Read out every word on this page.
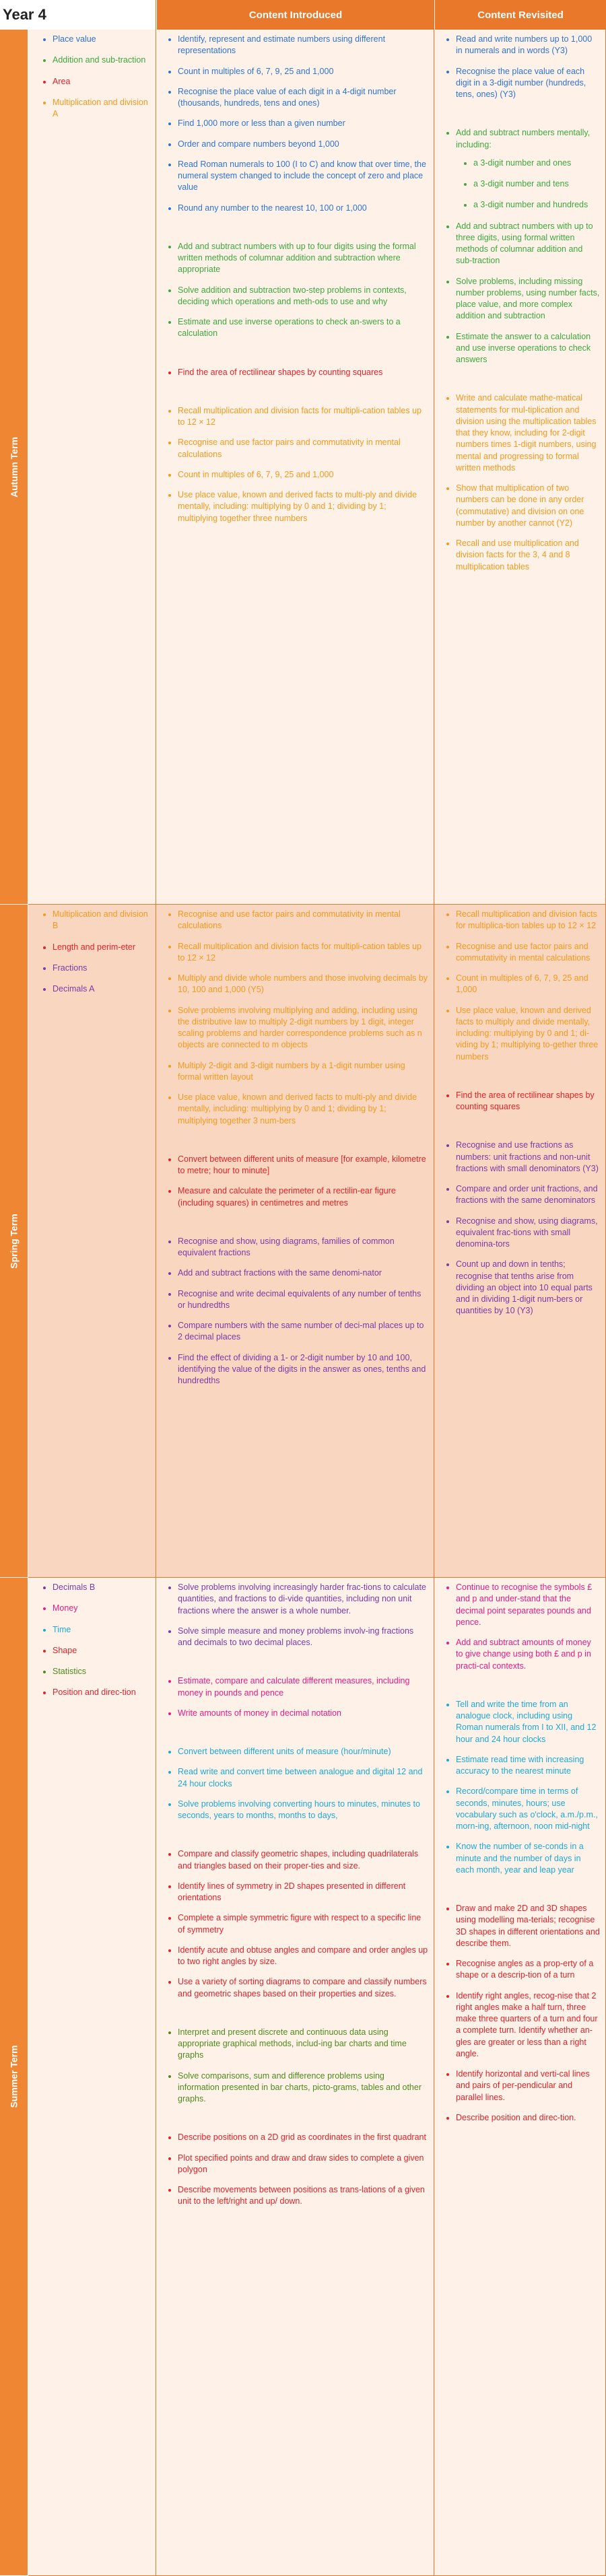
Year 4	Content Introduced	Content Revisited
Autumn Term
• Place value
• Addition and sub-traction
• Area
• Multiplication and division A
• Identify, represent and estimate numbers using different representations
• Count in multiples of 6, 7, 9, 25 and 1,000
• Recognise the place value of each digit in a 4-digit number (thousands, hundreds, tens and ones)
• Find 1,000 more or less than a given number
• Order and compare numbers beyond 1,000
• Read Roman numerals to 100 (I to C) and know that over time, the numeral system changed to include the concept of zero and place value
• Round any number to the nearest 10, 100 or 1,000
• Add and subtract numbers with up to four digits using the formal written methods of columnar addition and subtraction where appropriate
• Solve addition and subtraction two-step problems in contexts, deciding which operations and meth-ods to use and why
• Estimate and use inverse operations to check an-swers to a calculation
• Find the area of rectilinear shapes by counting squares
• Recall multiplication and division facts for multipli-cation tables up to 12 × 12
• Recognise and use factor pairs and commutativity in mental calculations
• Count in multiples of 6, 7, 9, 25 and 1,000
• Use place value, known and derived facts to multi-ply and divide mentally, including: multiplying by 0 and 1; dividing by 1; multiplying together three numbers
• Read and write numbers up to 1,000 in numerals and in words (Y3)
• Recognise the place value of each digit in a 3-digit number (hundreds, tens, ones) (Y3)
• Add and subtract numbers mentally, including:
• a 3-digit number and ones
• a 3-digit number and tens
• a 3-digit number and hundreds
• Add and subtract numbers with up to three digits, using formal written methods of columnar addition and sub-traction
• Solve problems, including missing number problems, using number facts, place value, and more complex addition and subtraction
• Estimate the answer to a calculation and use inverse operations to check answers
• Write and calculate mathe-matical statements for mul-tiplication and division using the multiplication tables that they know, including for 2-digit numbers times 1-digit numbers, using mental and progressing to formal written methods
• Show that multiplication of two numbers can be done in any order (commutative) and division on one number by another cannot (Y2)
• Recall and use multiplication and division facts for the 3, 4 and 8 multiplication tables
Spring Term
• Multiplication and division B
• Length and perim-eter
• Fractions
• Decimals A
• Recognise and use factor pairs and commutativity in mental calculations
• Recall multiplication and division facts for multipli-cation tables up to 12 × 12
• Multiply and divide whole numbers and those involving decimals by 10, 100 and 1,000 (Y5)
• Solve problems involving multiplying and adding, including using the distributive law to multiply 2-digit numbers by 1 digit, integer scaling problems and harder correspondence problems such as n objects are connected to m objects
• Multiply 2-digit and 3-digit numbers by a 1-digit number using formal written layout
• Use place value, known and derived facts to multi-ply and divide mentally, including: multiplying by 0 and 1; dividing by 1; multiplying together 3 num-bers
• Convert between different units of measure [for example, kilometre to metre; hour to minute]
• Measure and calculate the perimeter of a rectilin-ear figure (including squares) in centimetres and metres
• Recognise and show, using diagrams, families of common equivalent fractions
• Add and subtract fractions with the same denomi-nator
• Recognise and write decimal equivalents of any number of tenths or hundredths
• Compare numbers with the same number of deci-mal places up to 2 decimal places
• Find the effect of dividing a 1- or 2-digit number by 10 and 100, identifying the value of the digits in the answer as ones, tenths and hundredths
• Recall multiplication and division facts for multiplica-tion tables up to 12 × 12
• Recognise and use factor pairs and commutativity in mental calculations
• Count in multiples of 6, 7, 9, 25 and 1,000
• Use place value, known and derived facts to multiply and divide mentally, including: multiplying by 0 and 1; di-viding by 1; multiplying to-gether three numbers
• Find the area of rectilinear shapes by counting squares
• Recognise and use fractions as numbers: unit fractions and non-unit fractions with small denominators (Y3)
• Compare and order unit fractions, and fractions with the same denominators
• Recognise and show, using diagrams, equivalent frac-tions with small denomina-tors
• Count up and down in tenths; recognise that tenths arise from dividing an object into 10 equal parts and in dividing 1-digit num-bers or quantities by 10 (Y3)
Summer Term
• Decimals B
• Money
• Time
• Shape
• Statistics
• Position and direc-tion
• Solve problems involving increasingly harder frac-tions to calculate quantities, and fractions to di-vide quantities, including non unit fractions where the answer is a whole number.
• Solve simple measure and money problems involv-ing fractions and decimals to two decimal places.
• Estimate, compare and calculate different measures, including money in pounds and pence
• Write amounts of money in decimal notation
• Convert between different units of measure (hour/minute)
• Read write and convert time between analogue and digital 12 and 24 hour clocks
• Solve problems involving converting hours to minutes, minutes to seconds, years to months, months to days,
• Compare and classify geometric shapes, including quadrilaterals and triangles based on their proper-ties and size.
• Identify lines of symmetry in 2D shapes presented in different orientations
• Complete a simple symmetric figure with respect to a specific line of symmetry
• Identify acute and obtuse angles and compare and order angles up to two right angles by size.
• Use a variety of sorting diagrams to compare and classify numbers and geometric shapes based on their properties and sizes.
• Interpret and present discrete and continuous data using appropriate graphical methods, includ-ing bar charts and time graphs
• Solve comparisons, sum and difference problems using information presented in bar charts, picto-grams, tables and other graphs.
• Describe positions on a 2D grid as coordinates in the first quadrant
• Plot specified points and draw and draw sides to complete a given polygon
• Describe movements between positions as trans-lations of a given unit to the left/right and up/ down.
• Continue to recognise the symbols £ and p and under-stand that the decimal point separates pounds and pence.
• Add and subtract amounts of money to give change using both £ and p in practi-cal contexts.
• Tell and write the time from an analogue clock, including using Roman numerals from I to XII, and 12 hour and 24 hour clocks
• Estimate read time with increasing accuracy to the nearest minute
• Record/compare time in terms of seconds, minutes, hours; use vocabulary such as o'clock, a.m./p.m., morn-ing, afternoon, noon mid-night
• Know the number of se-conds in a minute and the number of days in each month, year and leap year
• Draw and make 2D and 3D shapes using modelling ma-terials; recognise 3D shapes in different orientations and describe them.
• Recognise angles as a prop-erty of a shape or a descrip-tion of a turn
• Identify right angles, recog-nise that 2 right angles make a half turn, three make three quarters of a turn and four a complete turn. Identify whether an-gles are greater or less than a right angle.
• Identify horizontal and verti-cal lines and pairs of per-pendicular and parallel lines.
• Describe position and direc-tion.
